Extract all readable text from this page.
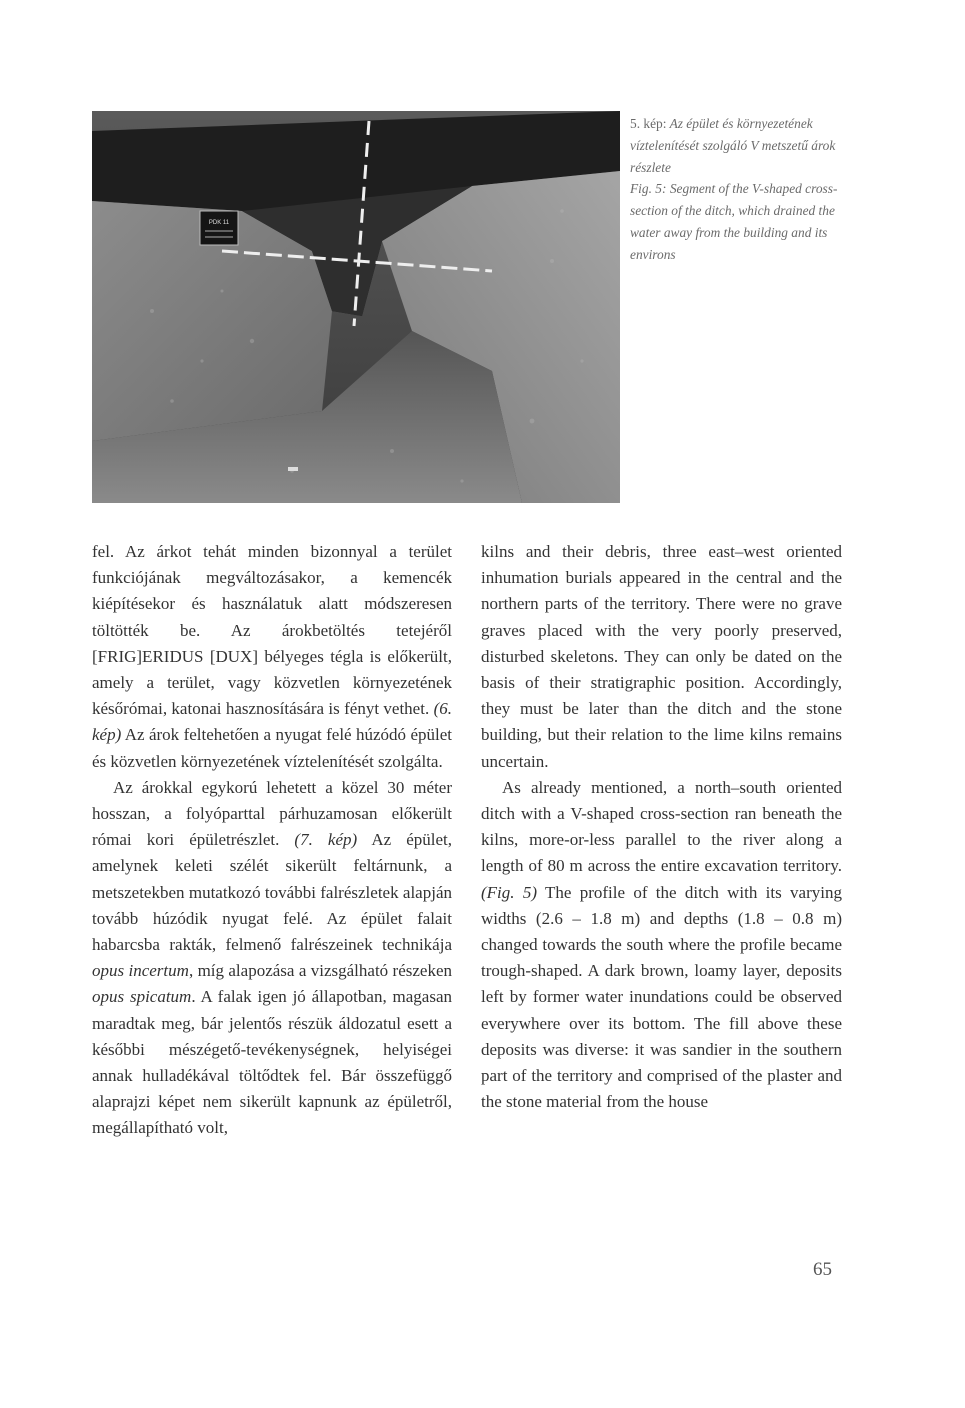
PDK 11

5. kép: Az épület és környezetének víztelenítését szolgáló V metszetű árok részlete

Fig. 5: Segment of the V-shaped cross-section of the ditch, which drained the water away from the building and its environs

fel. Az árkot tehát minden bizonnyal a terület funkciójának megváltozásakor, a kemencék kiépítésekor és használatuk alatt módszeresen töltötték be. Az árokbetöltés tetejéről [FRIG]ERIDUS [DUX] bélyeges tégla is előkerült, amely a terület, vagy közvetlen környezetének későrómai, katonai hasznosítására is fényt vethet. (6. kép) Az árok feltehetően a nyugat felé húzódó épület és közvetlen környezetének víztelenítését szolgálta.

Az árokkal egykorú lehetett a közel 30 méter hosszan, a folyóparttal párhuzamosan előkerült római kori épületrészlet. (7. kép) Az épület, amelynek keleti szélét sikerült feltárnunk, a metszetekben mutatkozó további falrészletek alapján tovább húzódik nyugat felé. Az épület falait habarcsba rakták, felmenő falrészeinek technikája opus incertum, míg alapozása a vizsgálható részeken opus spicatum. A falak igen jó állapotban, magasan maradtak meg, bár jelentős részük áldozatul esett a későbbi mészégető-tevékenységnek, helyiségei annak hulladékával töltődtek fel. Bár összefüggő alaprajzi képet nem sikerült kapnunk az épületről, megállapítható volt,

kilns and their debris, three east–west oriented inhumation burials appeared in the central and the northern parts of the territory. There were no grave graves placed with the very poorly preserved, disturbed skeletons. They can only be dated on the basis of their stratigraphic position. Accordingly, they must be later than the ditch and the stone building, but their relation to the lime kilns remains uncertain.

As already mentioned, a north–south oriented ditch with a V-shaped cross-section ran beneath the kilns, more-or-less parallel to the river along a length of 80 m across the entire excavation territory. (Fig. 5) The profile of the ditch with its varying widths (2.6 – 1.8 m) and depths (1.8 – 0.8 m) changed towards the south where the profile became trough-shaped. A dark brown, loamy layer, deposits left by former water inundations could be observed everywhere over its bottom. The fill above these deposits was diverse: it was sandier in the southern part of the territory and comprised of the plaster and the stone material from the house

65
